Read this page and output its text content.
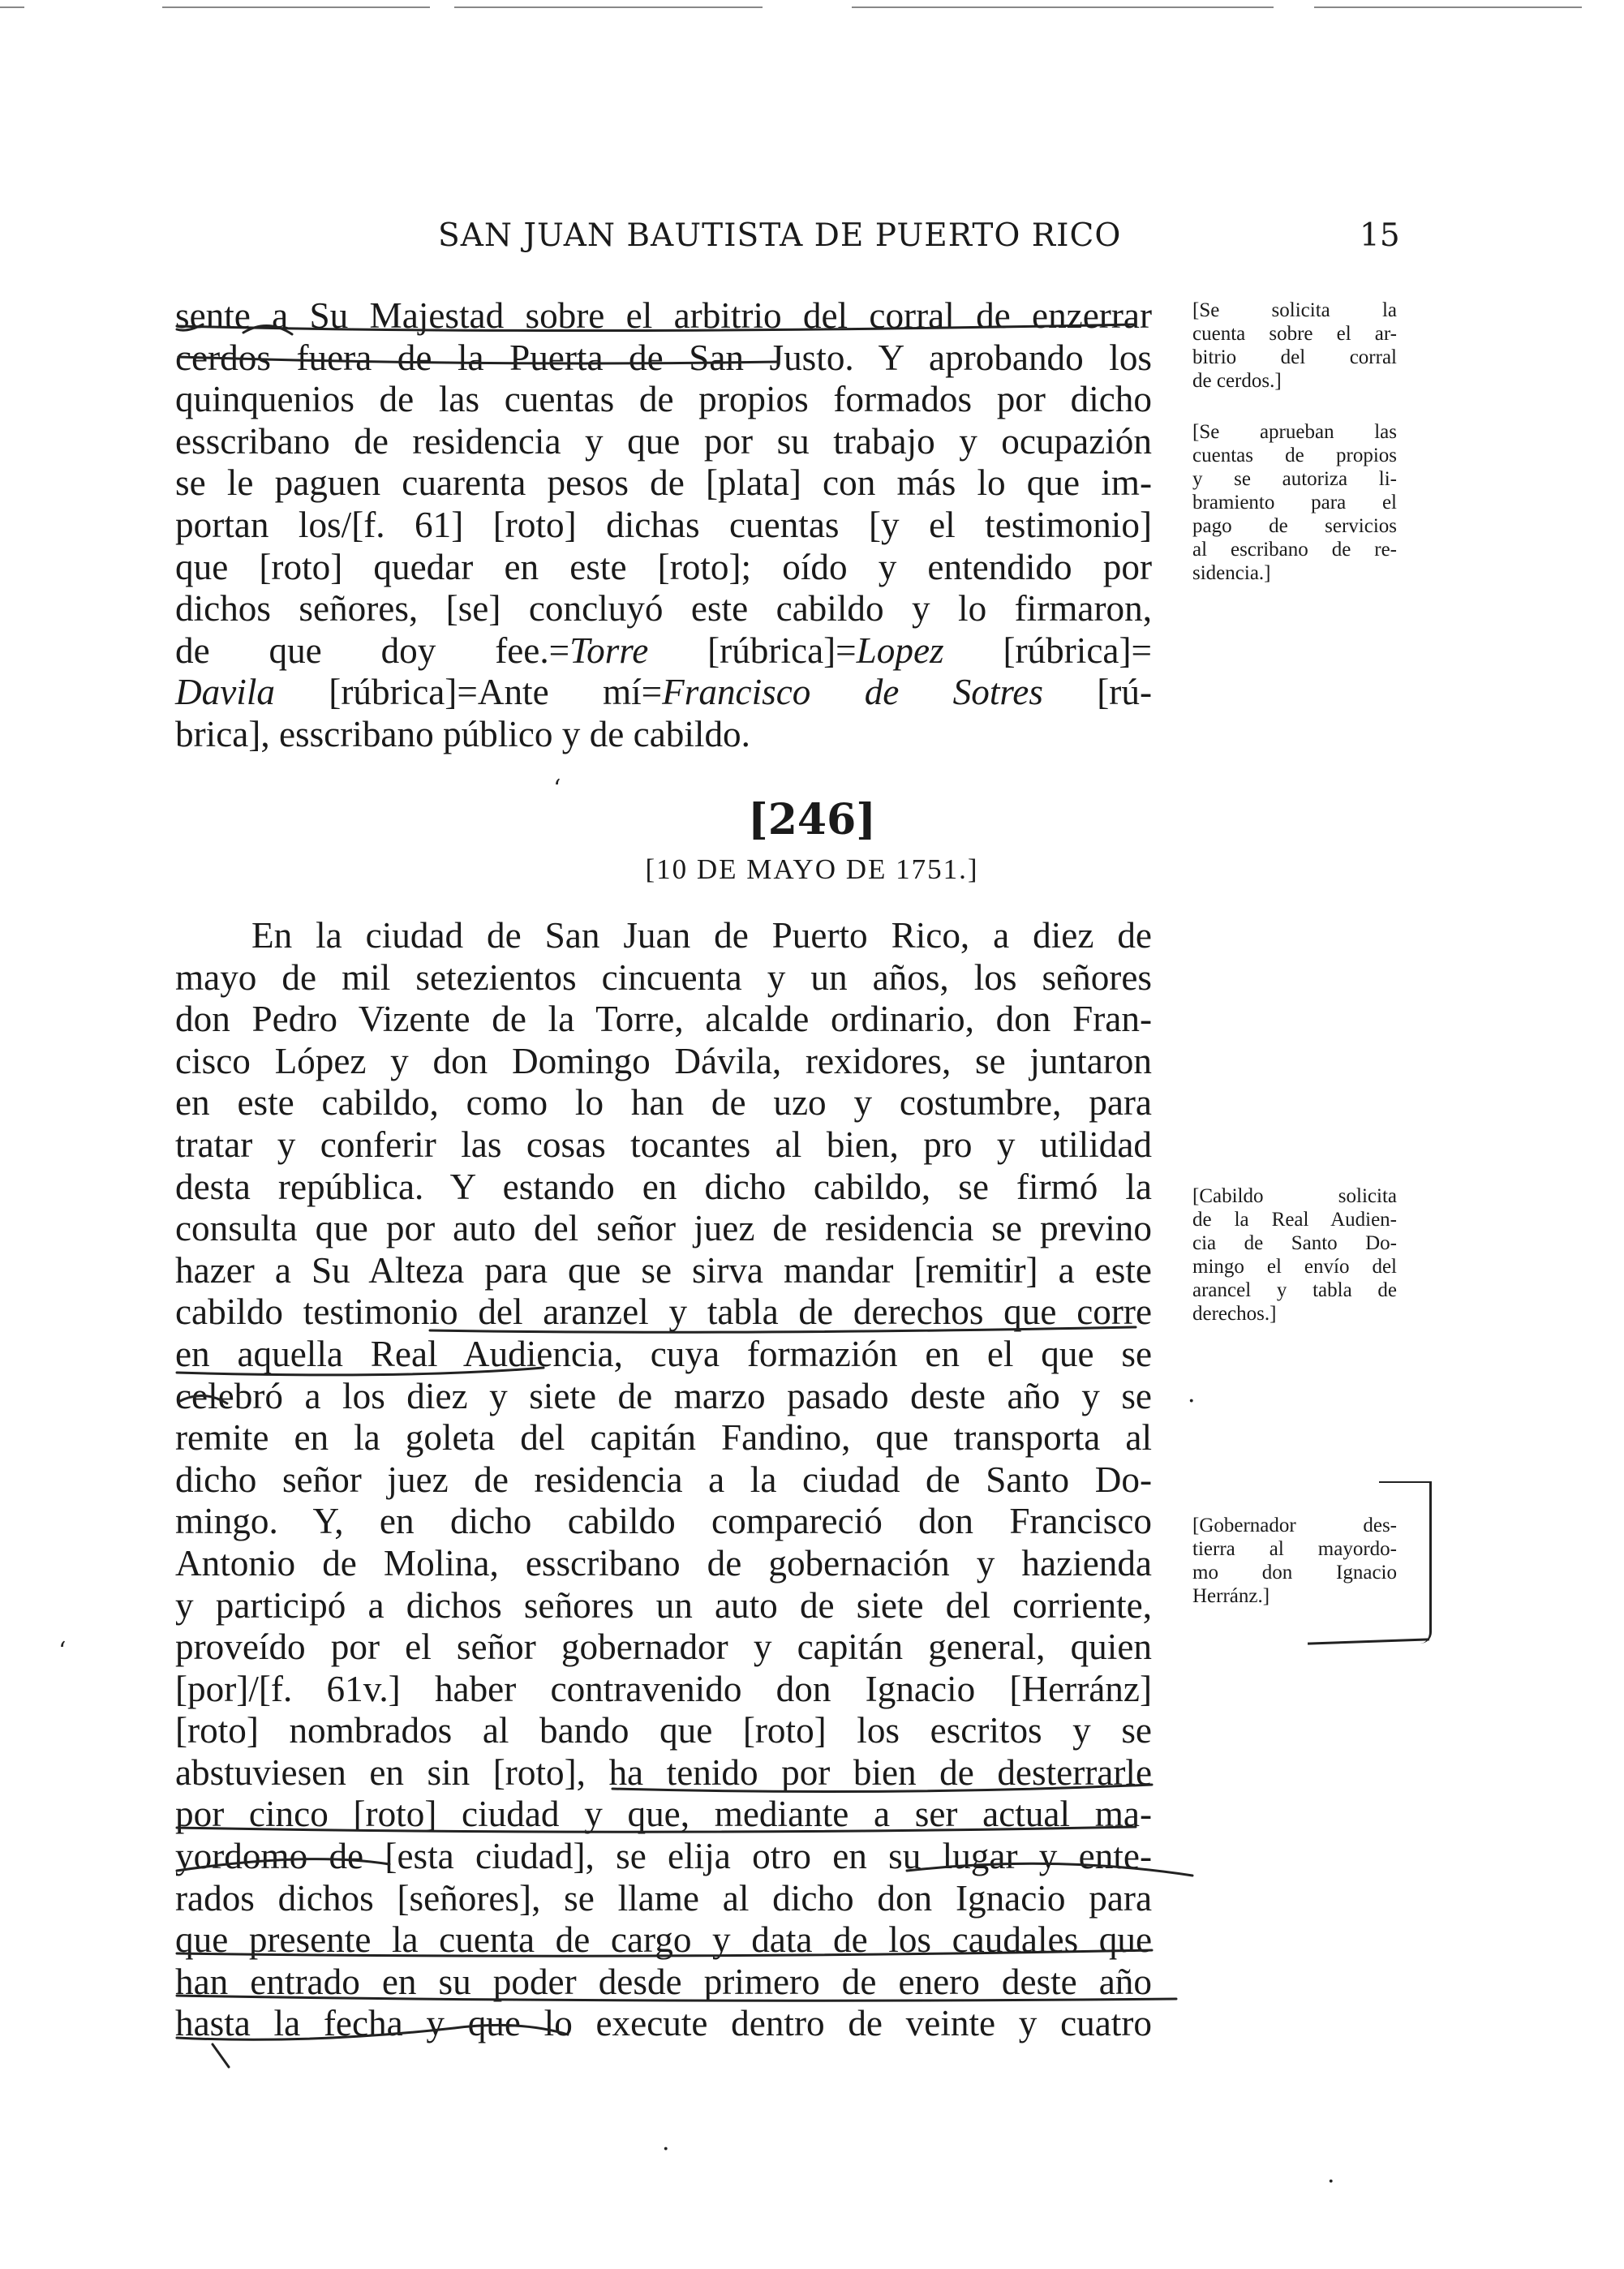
SAN JUAN BAUTISTA DE PUERTO RICO	15
sente a Su Majestad sobre el arbitrio del corral de enzerrar
cerdos fuera de la Puerta de San Justo. Y aprobando los
quinquenios de las cuentas de propios formados por dicho
esscribano de residencia y que por su trabajo y ocupazión
se le paguen cuarenta pesos de [plata] con más lo que im-
portan los/[f. 61] [roto] dichas cuentas [y el testimonio]
que [roto] quedar en este [roto]; oído y entendido por
dichos señores, [se] concluyó este cabildo y lo firmaron,
de que doy fee.=Torre [rúbrica]=Lopez [rúbrica]=
Davila [rúbrica]=Ante mí=Francisco de Sotres [rú-
brica], esscribano público y de cabildo.
[246]
[10 DE MAYO DE 1751.]
En la ciudad de San Juan de Puerto Rico, a diez de
mayo de mil setezientos cincuenta y un años, los señores
don Pedro Vizente de la Torre, alcalde ordinario, don Fran-
cisco López y don Domingo Dávila, rexidores, se juntaron
en este cabildo, como lo han de uzo y costumbre, para
tratar y conferir las cosas tocantes al bien, pro y utilidad
desta república. Y estando en dicho cabildo, se firmó la
consulta que por auto del señor juez de residencia se previno
hazer a Su Alteza para que se sirva mandar [remitir] a este
cabildo testimonio del aranzel y tabla de derechos que corre
en aquella Real Audiencia, cuya formazión en el que se
celebró a los diez y siete de marzo pasado deste año y se
remite en la goleta del capitán Fandino, que transporta al
dicho señor juez de residencia a la ciudad de Santo Do-
mingo. Y, en dicho cabildo compareció don Francisco
Antonio de Molina, esscribano de gobernación y hazienda
y participó a dichos señores un auto de siete del corriente,
proveído por el señor gobernador y capitán general, quien
[por]/[f. 61v.] haber contravenido don Ignacio [Herránz]
[roto] nombrados al bando que [roto] los escritos y se
abstuviesen en sin [roto], ha tenido por bien de desterrarle
por cinco [roto] ciudad y que, mediante a ser actual ma-
yordomo de [esta ciudad], se elija otro en su lugar y ente-
rados dichos [señores], se llame al dicho don Ignacio para
que presente la cuenta de cargo y data de los caudales que
han entrado en su poder desde primero de enero deste año
hasta la fecha y que lo execute dentro de veinte y cuatro
[Se solicita la
cuenta sobre el ar-
bitrio del corral
de cerdos.]
[Se aprueban las
cuentas de propios
y se autoriza li-
bramiento para el
pago de servicios
al escribano de re-
sidencia.]
[Cabildo solicita
de la Real Audien-
cia de Santo Do-
mingo el envío del
arancel y tabla de
derechos.]
[Gobernador des-
tierra al mayordo-
mo don Ignacio
Herránz.]
‘
‘
·
·
·
